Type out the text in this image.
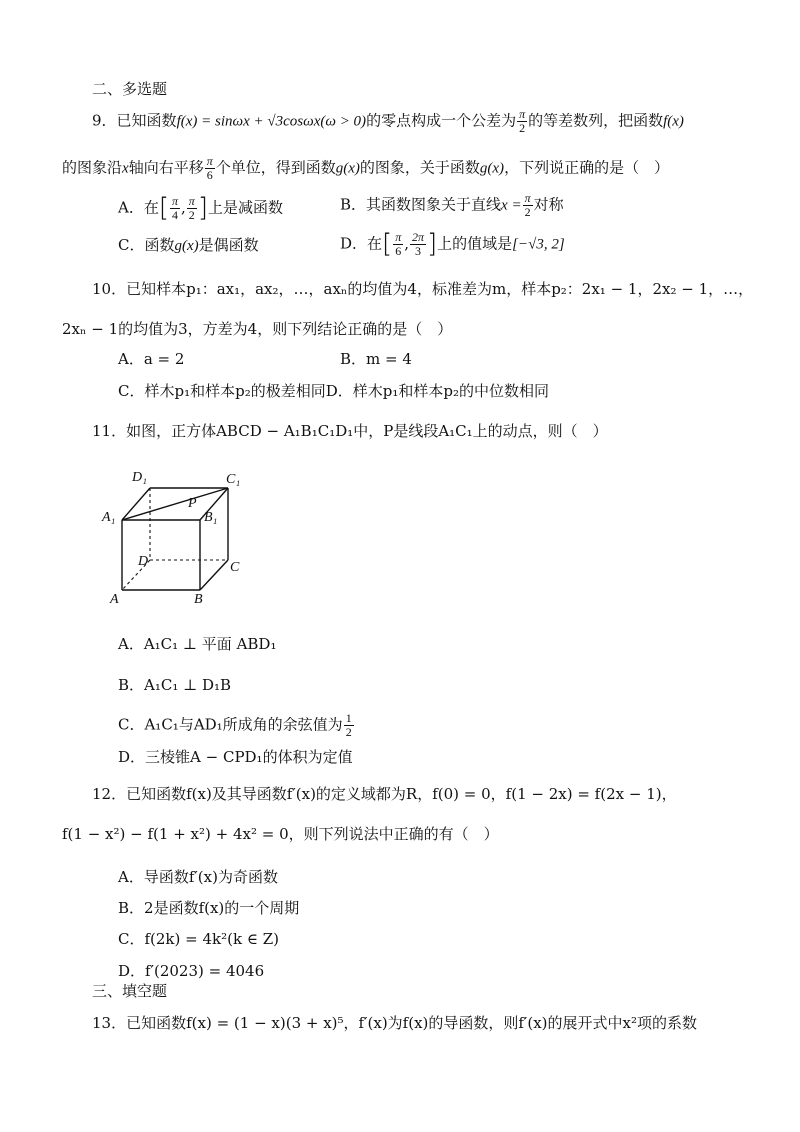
二、多选题
9．已知函数f(x) = sinωx + √3cosωx(ω > 0)的零点构成一个公差为 $\frac{\pi}{2}$ 的等差数列，把函数f(x)
的图象沿x轴向右平移 $\frac{\pi}{6}$ 个单位，得到函数g(x)的图象，关于函数g(x)，下列说正确的是（　）
A．在[ $\frac{\pi}{4}$ , $\frac{\pi}{2}$ ]上是减函数	B．其函数图象关于直线$x = \frac{\pi}{2}$ 对称
C．函数g(x)是偶函数	D．在[ $\frac{\pi}{6}$ , $\frac{2\pi}{3}$ ]上的值域是[−√3, 2]
10．已知样本p₁：ax₁，ax₂，…，axₙ的均值为4，标准差为m，样本p₂：2x₁ − 1，2x₂ − 1，…，
2xₙ − 1的均值为3，方差为4，则下列结论正确的是（　）
A．a = 2	B．m = 4
C．样木p₁和样本p₂的极差相同D．样木p₁和样本p₂的中位数相同
11．如图，正方体ABCD − A₁B₁C₁D₁中，P是线段A₁C₁上的动点，则（　）
D₁	C₁
A₁	B₁
P
D	C
A	B
A．A₁C₁ ⊥ 平面 ABD₁
B．A₁C₁ ⊥ D₁B
C．A₁C₁与AD₁所成角的余弦值为 $\frac{1}{2}$
D．三棱锥A − CPD₁的体积为定值
12．已知函数f(x)及其导函数f′(x)的定义域都为R，f(0) = 0，f(1 − 2x) = f(2x − 1)，
f(1 − x²) − f(1 + x²) + 4x² = 0，则下列说法中正确的有（　）
A．导函数f′(x)为奇函数
B．2是函数f(x)的一个周期
C．f(2k) = 4k²(k ∈ Z)
D．f′(2023) = 4046
三、填空题
13．已知函数f(x) = (1 − x)(3 + x)⁵，f′(x)为f(x)的导函数，则f′(x)的展开式中x²项的系数
